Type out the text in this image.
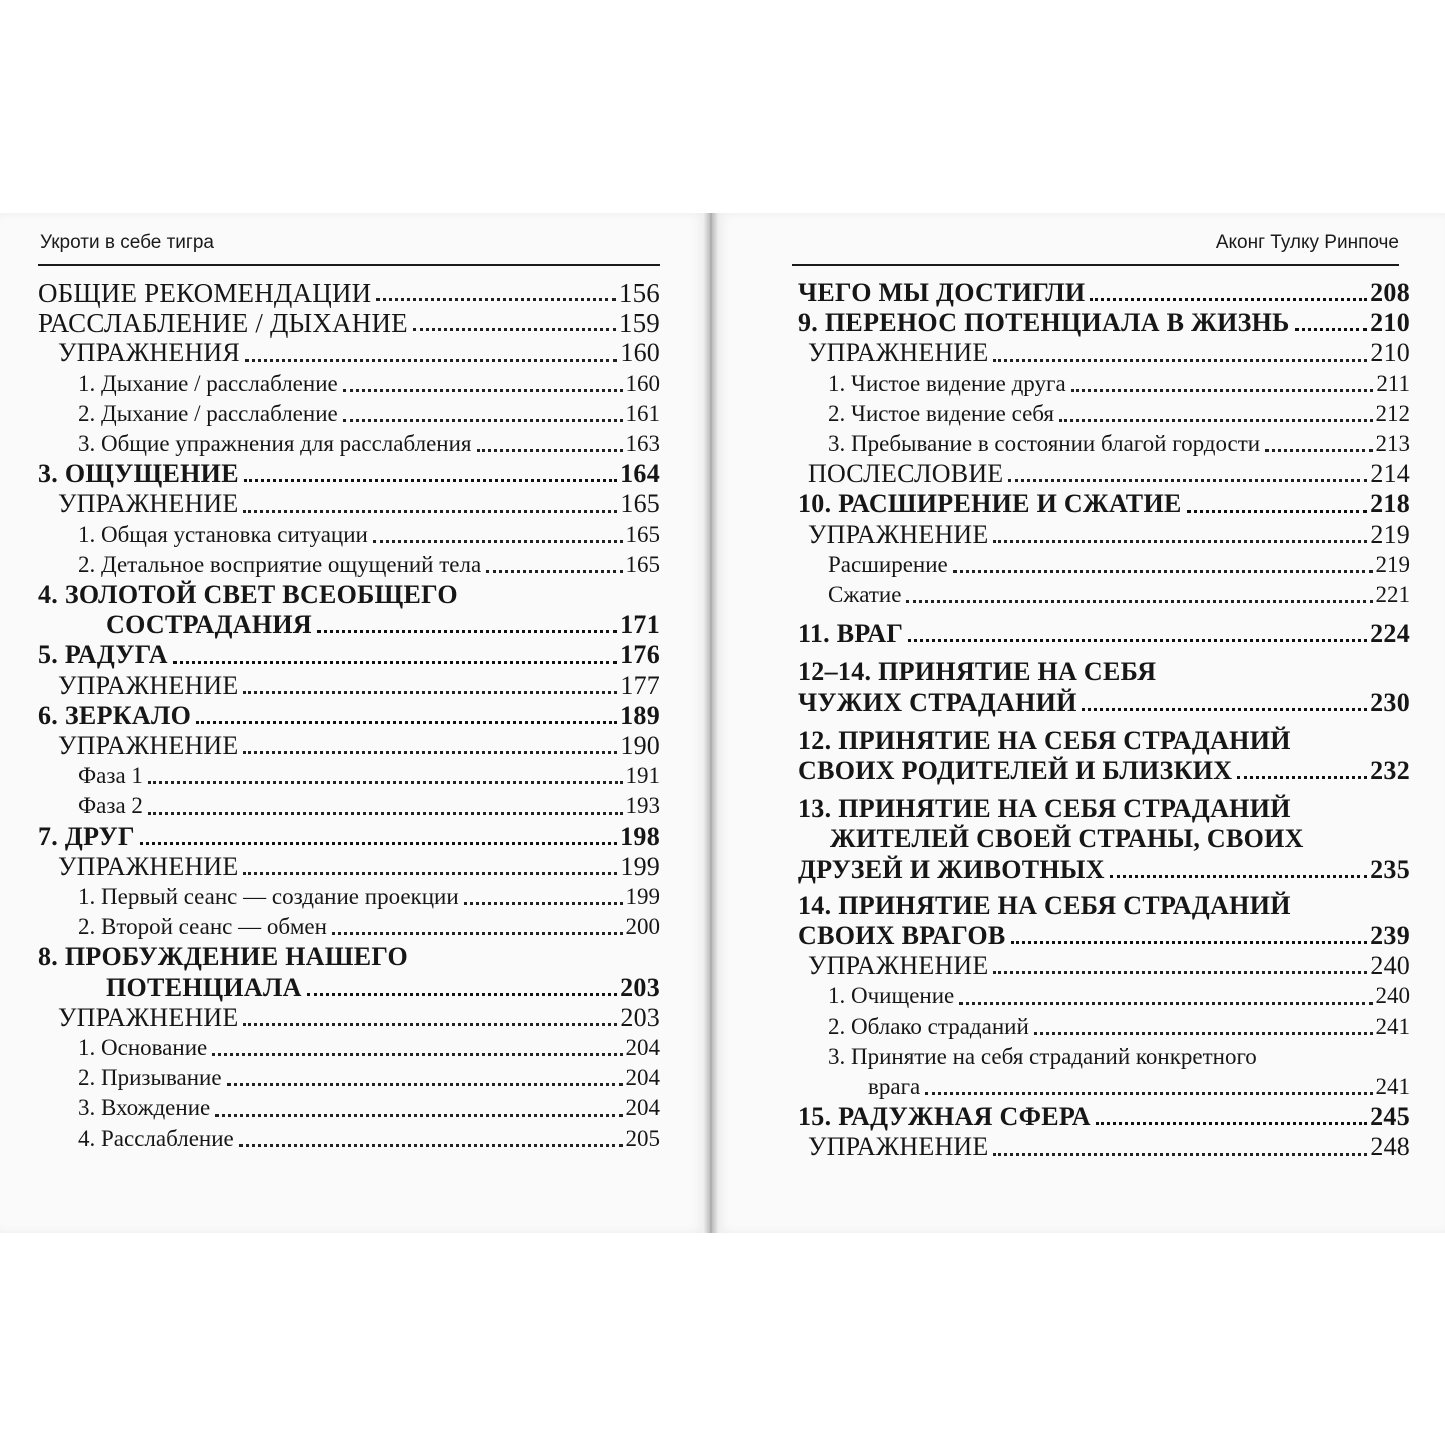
Укроти в себе тигра	Аконг Тулку Ринпоче
ОБЩИЕ РЕКОМЕНДАЦИИ	156
РАССЛАБЛЕНИЕ / ДЫХАНИЕ	159
УПРАЖНЕНИЯ	160
1. Дыхание / расслабление	160
2. Дыхание / расслабление	161
3. Общие упражнения для расслабления	163
3. ОЩУЩЕНИЕ	164
УПРАЖНЕНИЕ	165
1. Общая установка ситуации	165
2. Детальное восприятие ощущений тела	165
4. ЗОЛОТОЙ СВЕТ ВСЕОБЩЕГО
СОСТРАДАНИЯ	171
5. РАДУГА	176
УПРАЖНЕНИЕ	177
6. ЗЕРКАЛО	189
УПРАЖНЕНИЕ	190
Фаза 1	191
Фаза 2	193
7. ДРУГ	198
УПРАЖНЕНИЕ	199
1. Первый сеанс — создание проекции	199
2. Второй сеанс — обмен	200
8. ПРОБУЖДЕНИЕ НАШЕГО
ПОТЕНЦИАЛА	203
УПРАЖНЕНИЕ	203
1. Основание	204
2. Призывание	204
3. Вхождение	204
4. Расслабление	205
ЧЕГО МЫ ДОСТИГЛИ	208
9. ПЕРЕНОС ПОТЕНЦИАЛА В ЖИЗНЬ	210
УПРАЖНЕНИЕ	210
1. Чистое видение друга	211
2. Чистое видение себя	212
3. Пребывание в состоянии благой гордости	213
ПОСЛЕСЛОВИЕ	214
10. РАСШИРЕНИЕ И СЖАТИЕ	218
УПРАЖНЕНИЕ	219
Расширение	219
Сжатие	221
11. ВРАГ	224
12–14. ПРИНЯТИЕ НА СЕБЯ
ЧУЖИХ СТРАДАНИЙ	230
12. ПРИНЯТИЕ НА СЕБЯ СТРАДАНИЙ
СВОИХ РОДИТЕЛЕЙ И БЛИЗКИХ	232
13. ПРИНЯТИЕ НА СЕБЯ СТРАДАНИЙ
ЖИТЕЛЕЙ СВОЕЙ СТРАНЫ, СВОИХ
ДРУЗЕЙ И ЖИВОТНЫХ	235
14. ПРИНЯТИЕ НА СЕБЯ СТРАДАНИЙ
СВОИХ ВРАГОВ	239
УПРАЖНЕНИЕ	240
1. Очищение	240
2. Облако страданий	241
3. Принятие на себя страданий конкретного
врага	241
15. РАДУЖНАЯ СФЕРА	245
УПРАЖНЕНИЕ	248
